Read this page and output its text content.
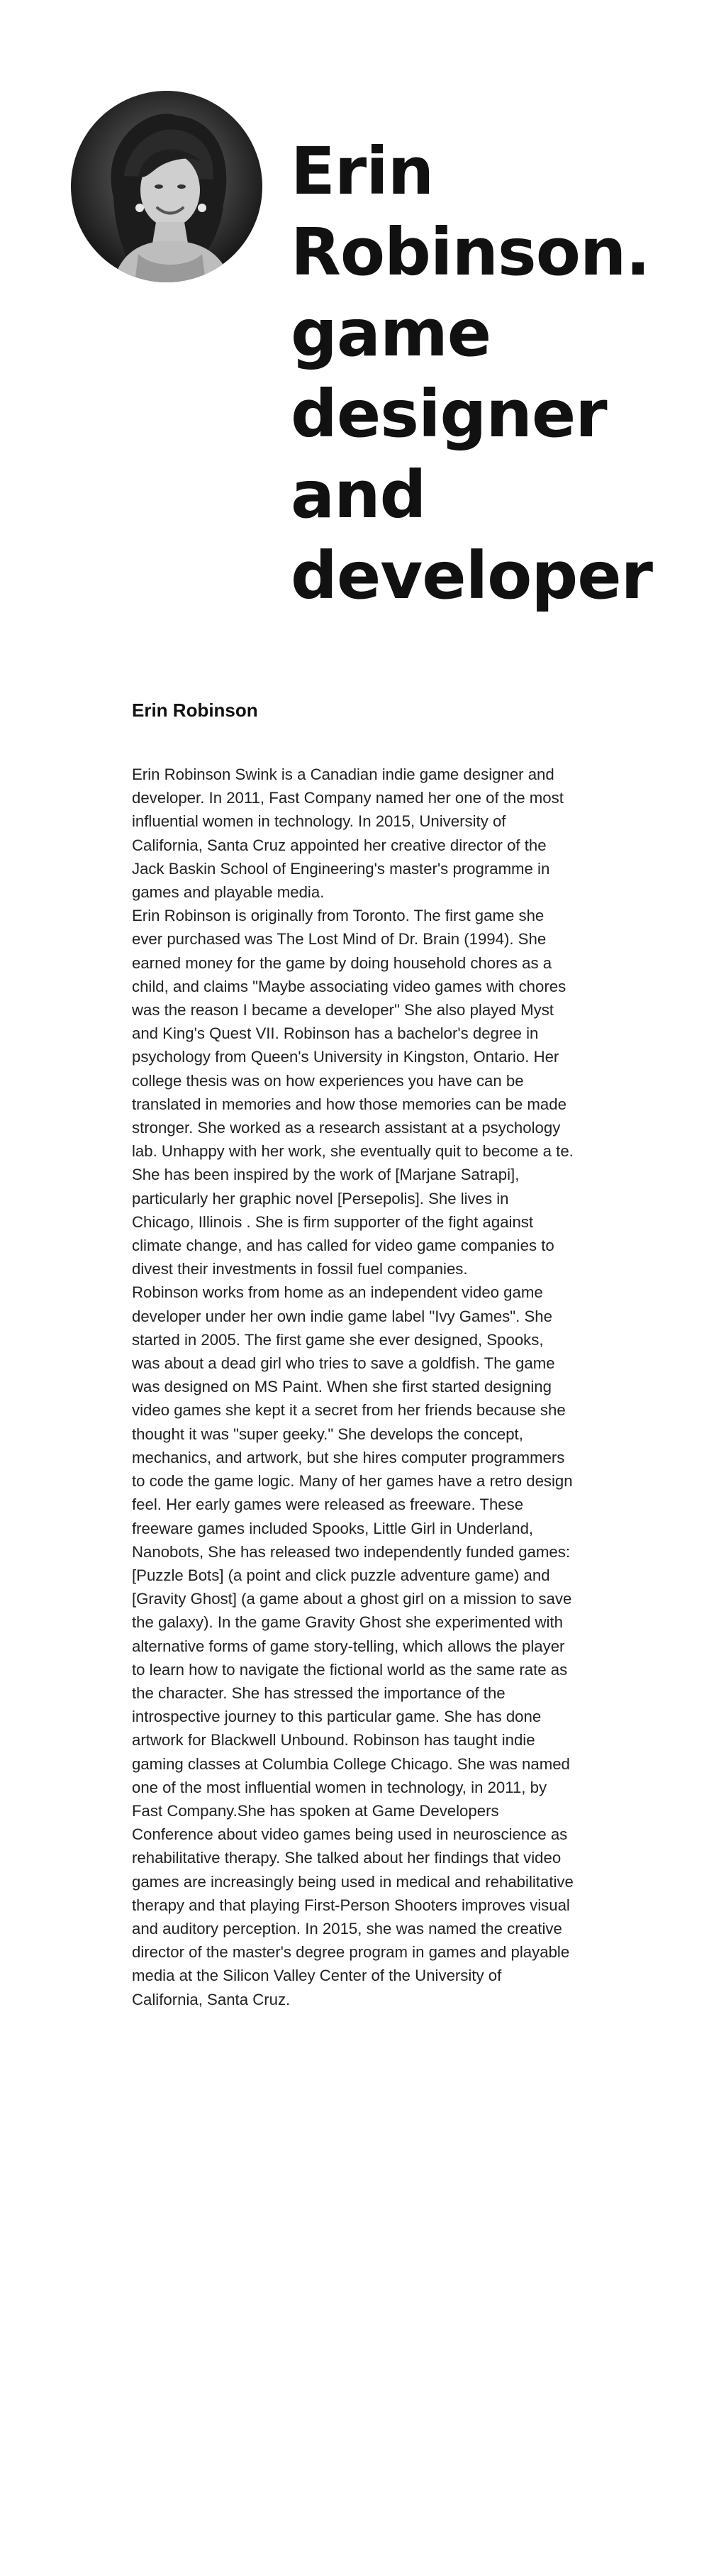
Erin
Robinson.
game
designer
and
developer
Erin Robinson

Erin Robinson Swink is a Canadian indie game designer and developer. In 2011, Fast Company named her one of the most influential women in technology. In 2015, University of California, Santa Cruz appointed her creative director of the Jack Baskin School of Engineering's master's programme in games and playable media.

Erin Robinson is originally from Toronto. The first game she ever purchased was The Lost Mind of Dr. Brain (1994). She earned money for the game by doing household chores as a child, and claims "Maybe associating video games with chores was the reason I became a developer" She also played Myst and King's Quest VII. Robinson has a bachelor's degree in psychology from Queen's University in Kingston, Ontario. Her college thesis was on how experiences you have can be translated in memories and how those memories can be made stronger. She worked as a research assistant at a psychology lab. Unhappy with her work, she eventually quit to become a te. She has been inspired by the work of [Marjane Satrapi], particularly her graphic novel [Persepolis]. She lives in Chicago, Illinois . She is firm supporter of the fight against climate change, and has called for video game companies to divest their investments in fossil fuel companies.

Robinson works from home as an independent video game developer under her own indie game label "Ivy Games". She started in 2005. The first game she ever designed, Spooks, was about a dead girl who tries to save a goldfish. The game was designed on MS Paint. When she first started designing video games she kept it a secret from her friends because she thought it was "super geeky." She develops the concept, mechanics, and artwork, but she hires computer programmers to code the game logic. Many of her games have a retro design feel. Her early games were released as freeware. These freeware games included Spooks, Little Girl in Underland, Nanobots, She has released two independently funded games: [Puzzle Bots] (a point and click puzzle adventure game) and [Gravity Ghost] (a game about a ghost girl on a mission to save the galaxy). In the game Gravity Ghost she experimented with alternative forms of game story-telling, which allows the player to learn how to navigate the fictional world as the same rate as the character. She has stressed the importance of the introspective journey to this particular game. She has done artwork for Blackwell Unbound. Robinson has taught indie gaming classes at Columbia College Chicago. She was named one of the most influential women in technology, in 2011, by Fast Company.She has spoken at Game Developers Conference about video games being used in neuroscience as rehabilitative therapy. She talked about her findings that video games are increasingly being used in medical and rehabilitative therapy and that playing First-Person Shooters improves visual and auditory perception. In 2015, she was named the creative director of the master's degree program in games and playable media at the Silicon Valley Center of the University of California, Santa Cruz.
